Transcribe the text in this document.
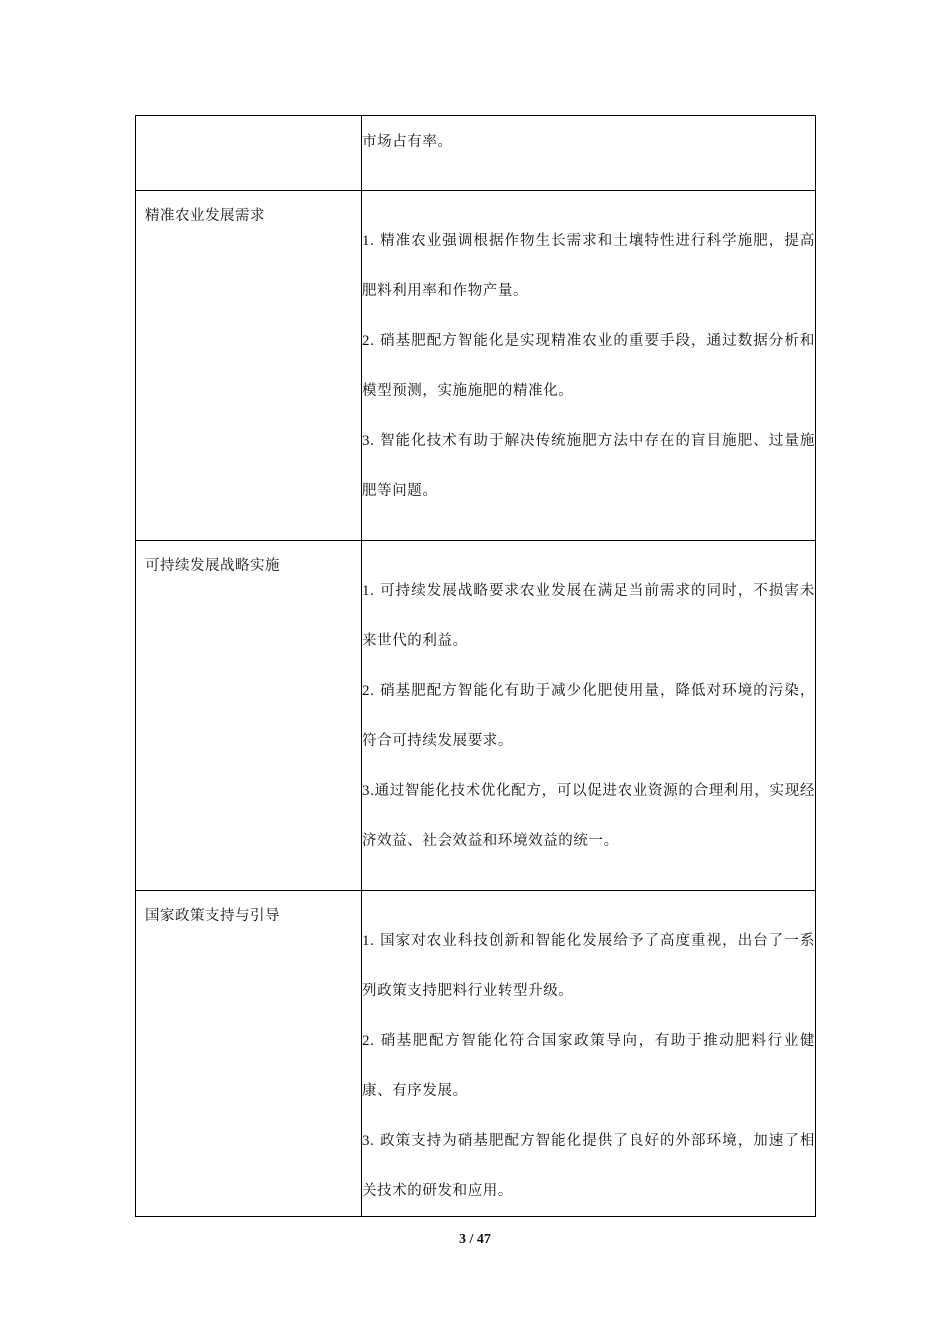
	市场占有率。

精准农业发展需求	1. 精准农业强调根据作物生长需求和土壤特性进行科学施肥，提高肥料利用率和作物产量。

2. 硝基肥配方智能化是实现精准农业的重要手段，通过数据分析和模型预测，实施施肥的精准化。

3. 智能化技术有助于解决传统施肥方法中存在的盲目施肥、过量施肥等问题。

可持续发展战略实施	1. 可持续发展战略要求农业发展在满足当前需求的同时，不损害未来世代的利益。

2. 硝基肥配方智能化有助于减少化肥使用量，降低对环境的污染，符合可持续发展要求。

3.通过智能化技术优化配方，可以促进农业资源的合理利用，实现经济效益、社会效益和环境效益的统一。

国家政策支持与引导	1. 国家对农业科技创新和智能化发展给予了高度重视，出台了一系列政策支持肥料行业转型升级。

2. 硝基肥配方智能化符合国家政策导向，有助于推动肥料行业健康、有序发展。

3. 政策支持为硝基肥配方智能化提供了良好的外部环境，加速了相关技术的研发和应用。

3 / 47
